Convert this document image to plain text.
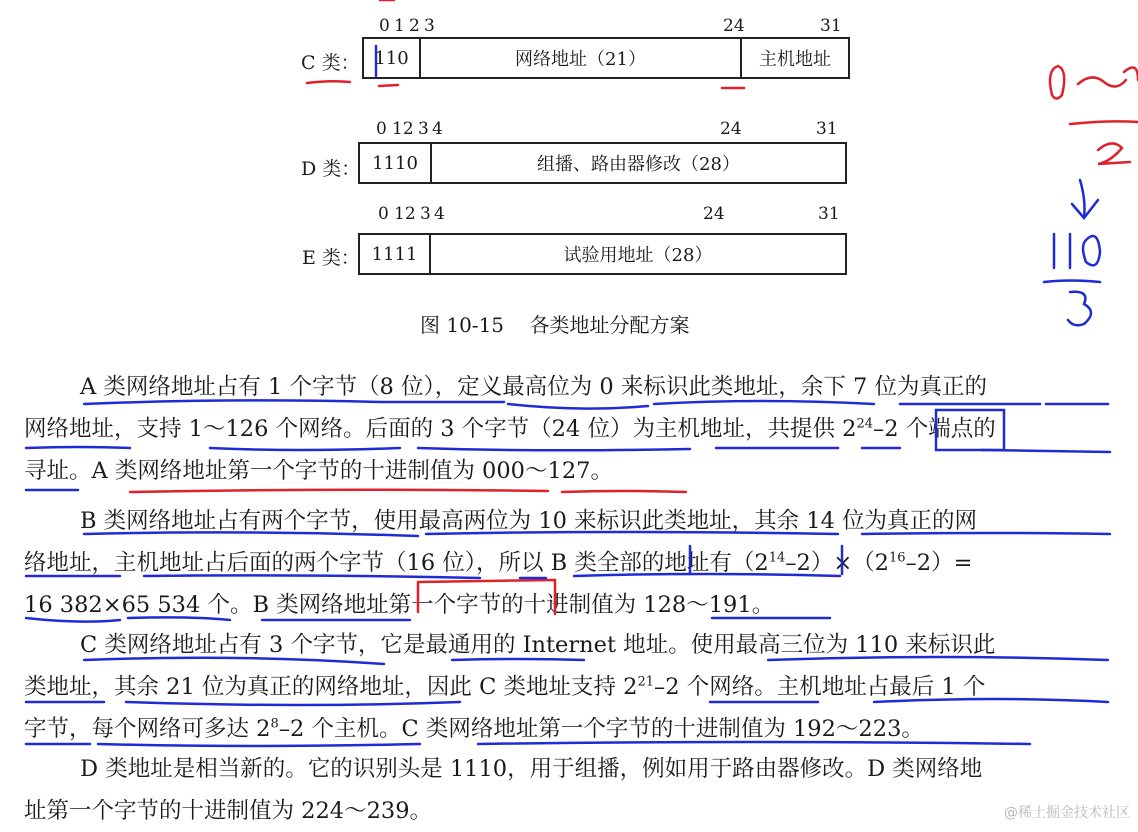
0 1 2 3	24	31
C 类： 110	网络地址（21）	主机地址
0 12 3 4	24	31
D 类： 1110	组播、路由器修改（28）
0 12 3 4	24	31
E 类： 1111	试验用地址（28）
图 10-15    各类地址分配方案
A 类网络地址占有 1 个字节（8 位），定义最高位为 0 来标识此类地址，余下 7 位为真正的
网络地址，支持 1～126 个网络。后面的 3 个字节（24 位）为主机地址，共提供 $2^{24}-2$ 个端点的
寻址。A 类网络地址第一个字节的十进制值为 000～127。
B 类网络地址占有两个字节，使用最高两位为 10 来标识此类地址，其余 14 位为真正的网
络地址，主机地址占后面的两个字节（16 位），所以 B 类全部的地址有$(2^{14}-2)\times(2^{16}-2)=$
16 382×65 534 个。B 类网络地址第一个字节的十进制值为 128～191。
C 类网络地址占有 3 个字节，它是最通用的 Internet 地址。使用最高三位为 110 来标识此
类地址，其余 21 位为真正的网络地址，因此 C 类地址支持 $2^{21}-2$ 个网络。主机地址占最后 1 个
字节，每个网络可多达 $2^8-2$ 个主机。C 类网络地址第一个字节的十进制值为 192～223。
D 类地址是相当新的。它的识别头是 1110，用于组播，例如用于路由器修改。D 类网络地
址第一个字节的十进制值为 224～239。	@稀土掘金技术社区
